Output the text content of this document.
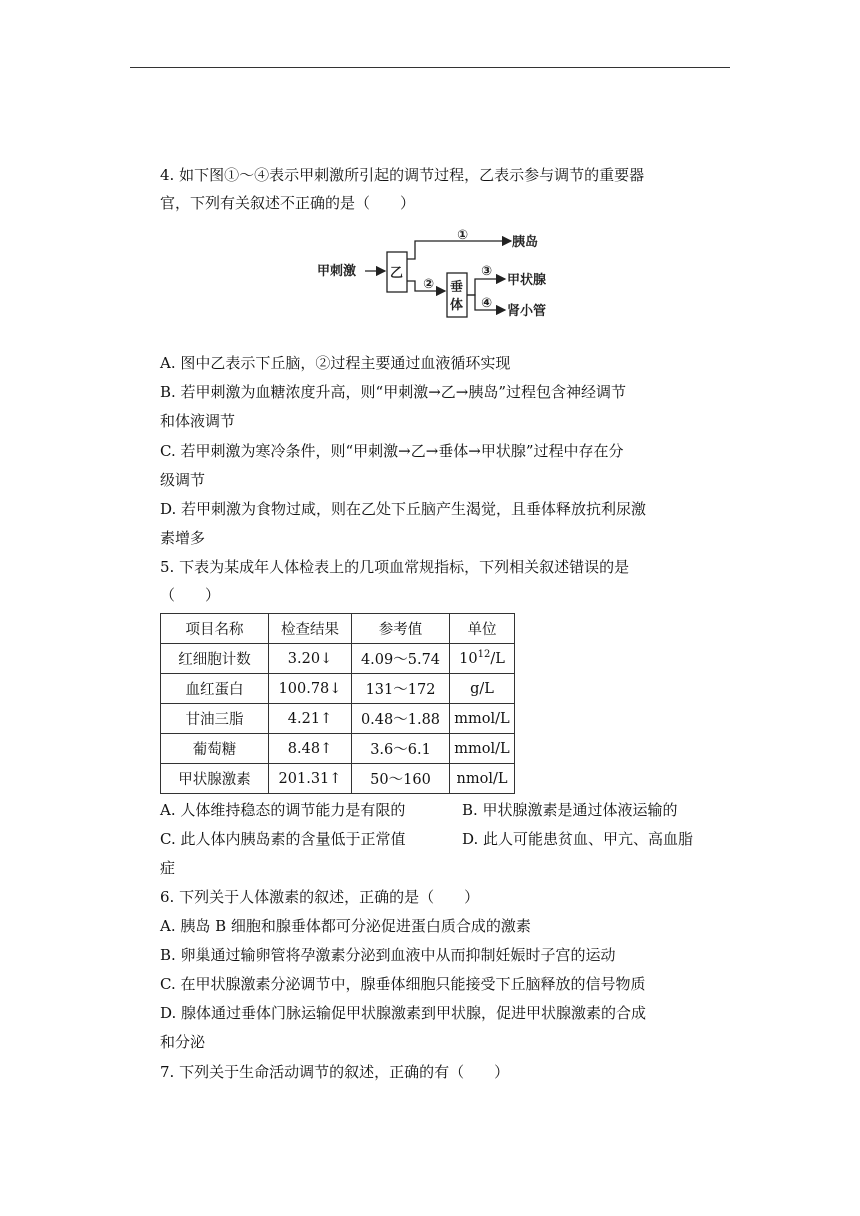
4. 如下图①～④表示甲刺激所引起的调节过程，乙表示参与调节的重要器
官，下列有关叙述不正确的是（　　）
甲刺激	乙
①	胰岛
② 垂
体
③
④
甲状腺
肾小管
A. 图中乙表示下丘脑，②过程主要通过血液循环实现
B. 若甲刺激为血糖浓度升高，则“甲刺激→乙→胰岛”过程包含神经调节
和体液调节
C. 若甲刺激为寒冷条件，则“甲刺激→乙→垂体→甲状腺”过程中存在分
级调节
D. 若甲刺激为食物过咸，则在乙处下丘脑产生渴觉，且垂体释放抗利尿激
素增多
5. 下表为某成年人体检表上的几项血常规指标，下列相关叙述错误的是
（　　）
项目名称	检查结果	参考值	单位
红细胞计数	3.20↓	4.09～5.74	$10^{12}/L$
血红蛋白	100.78↓	131～172	g/L
甘油三脂	4.21↑	0.48～1.88	mmol/L
葡萄糖	8.48↑	3.6～6.1	mmol/L
甲状腺激素	201.31↑	50～160	nmol/L
A. 人体维持稳态的调节能力是有限的	B. 甲状腺激素是通过体液运输的
C. 此人体内胰岛素的含量低于正常值	D. 此人可能患贫血、甲亢、高血脂
症
6. 下列关于人体激素的叙述，正确的是（　　）
A. 胰岛 B 细胞和腺垂体都可分泌促进蛋白质合成的激素
B. 卵巢通过输卵管将孕激素分泌到血液中从而抑制妊娠时子宫的运动
C. 在甲状腺激素分泌调节中，腺垂体细胞只能接受下丘脑释放的信号物质
D. 腺体通过垂体门脉运输促甲状腺激素到甲状腺，促进甲状腺激素的合成
和分泌
7. 下列关于生命活动调节的叙述，正确的有（　　）
